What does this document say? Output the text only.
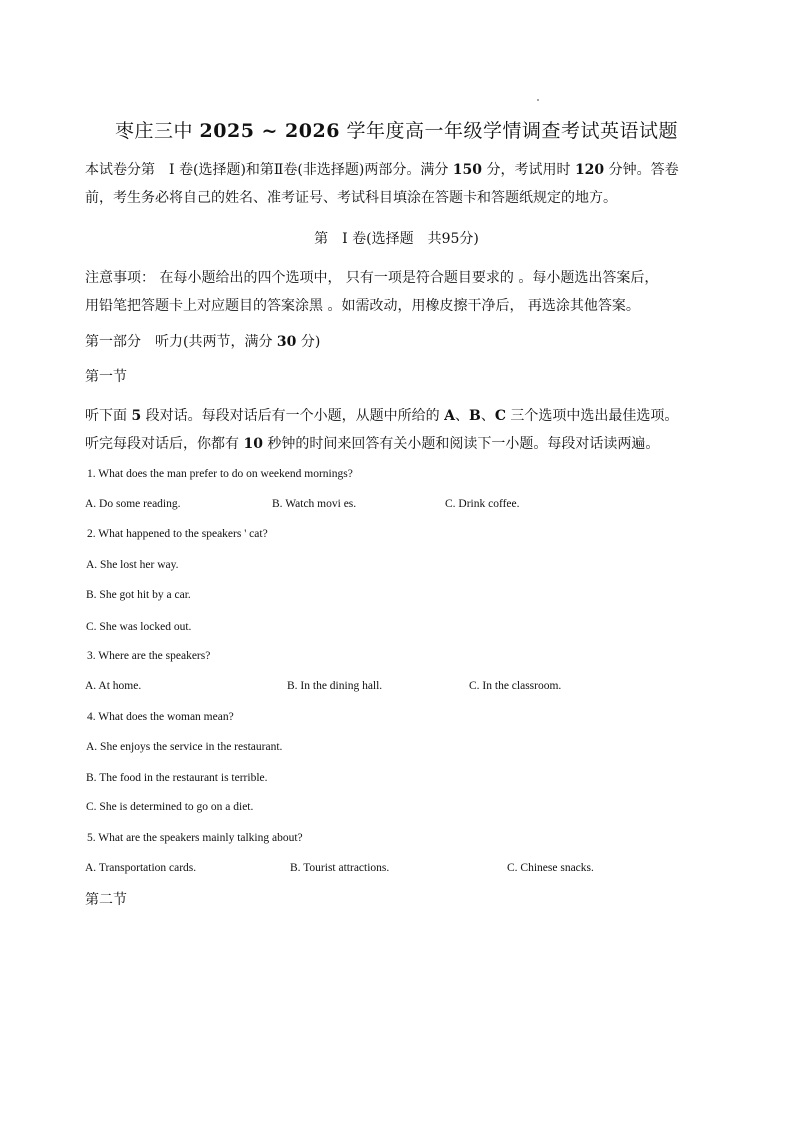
枣庄三中 2025 ~ 2026 学年度高一年级学情调查考试英语试题
本试卷分第　Ⅰ 卷(选择题)和第Ⅱ卷(非选择题)两部分。满分 150 分，考试用时 120 分钟。答卷
前，考生务必将自己的姓名、准考证号、考试科目填涂在答题卡和答题纸规定的地方。
第　Ⅰ 卷(选择题　共95分)
注意事项： 在每小题给出的四个选项中， 只有一项是符合题目要求的 。每小题选出答案后，
用铅笔把答题卡上对应题目的答案涂黑 。如需改动，用橡皮擦干净后， 再选涂其他答案。
第一部分　听力(共两节，满分 30 分)
第一节
听下面 5 段对话。每段对话后有一个小题，从题中所给的 A、B、C 三个选项中选出最佳选项。
听完每段对话后，你都有 10 秒钟的时间来回答有关小题和阅读下一小题。每段对话读两遍。
1. What does the man prefer to do on weekend mornings?
A. Do some reading.	B. Watch movi es.	C. Drink coffee.
2. What happened to the speakers ' cat?
A. She lost her way.
B. She got hit by a car.
C. She was locked out.
3. Where are the speakers?
A. At home.	B. In the dining hall.	C. In the classroom.
4. What does the woman mean?
A. She enjoys the service in the restaurant.
B. The food in the restaurant is terrible.
C. She is determined to go on a diet.
5. What are the speakers mainly talking about?
A. Transportation cards.	B. Tourist attractions.	C. Chinese snacks.
第二节
